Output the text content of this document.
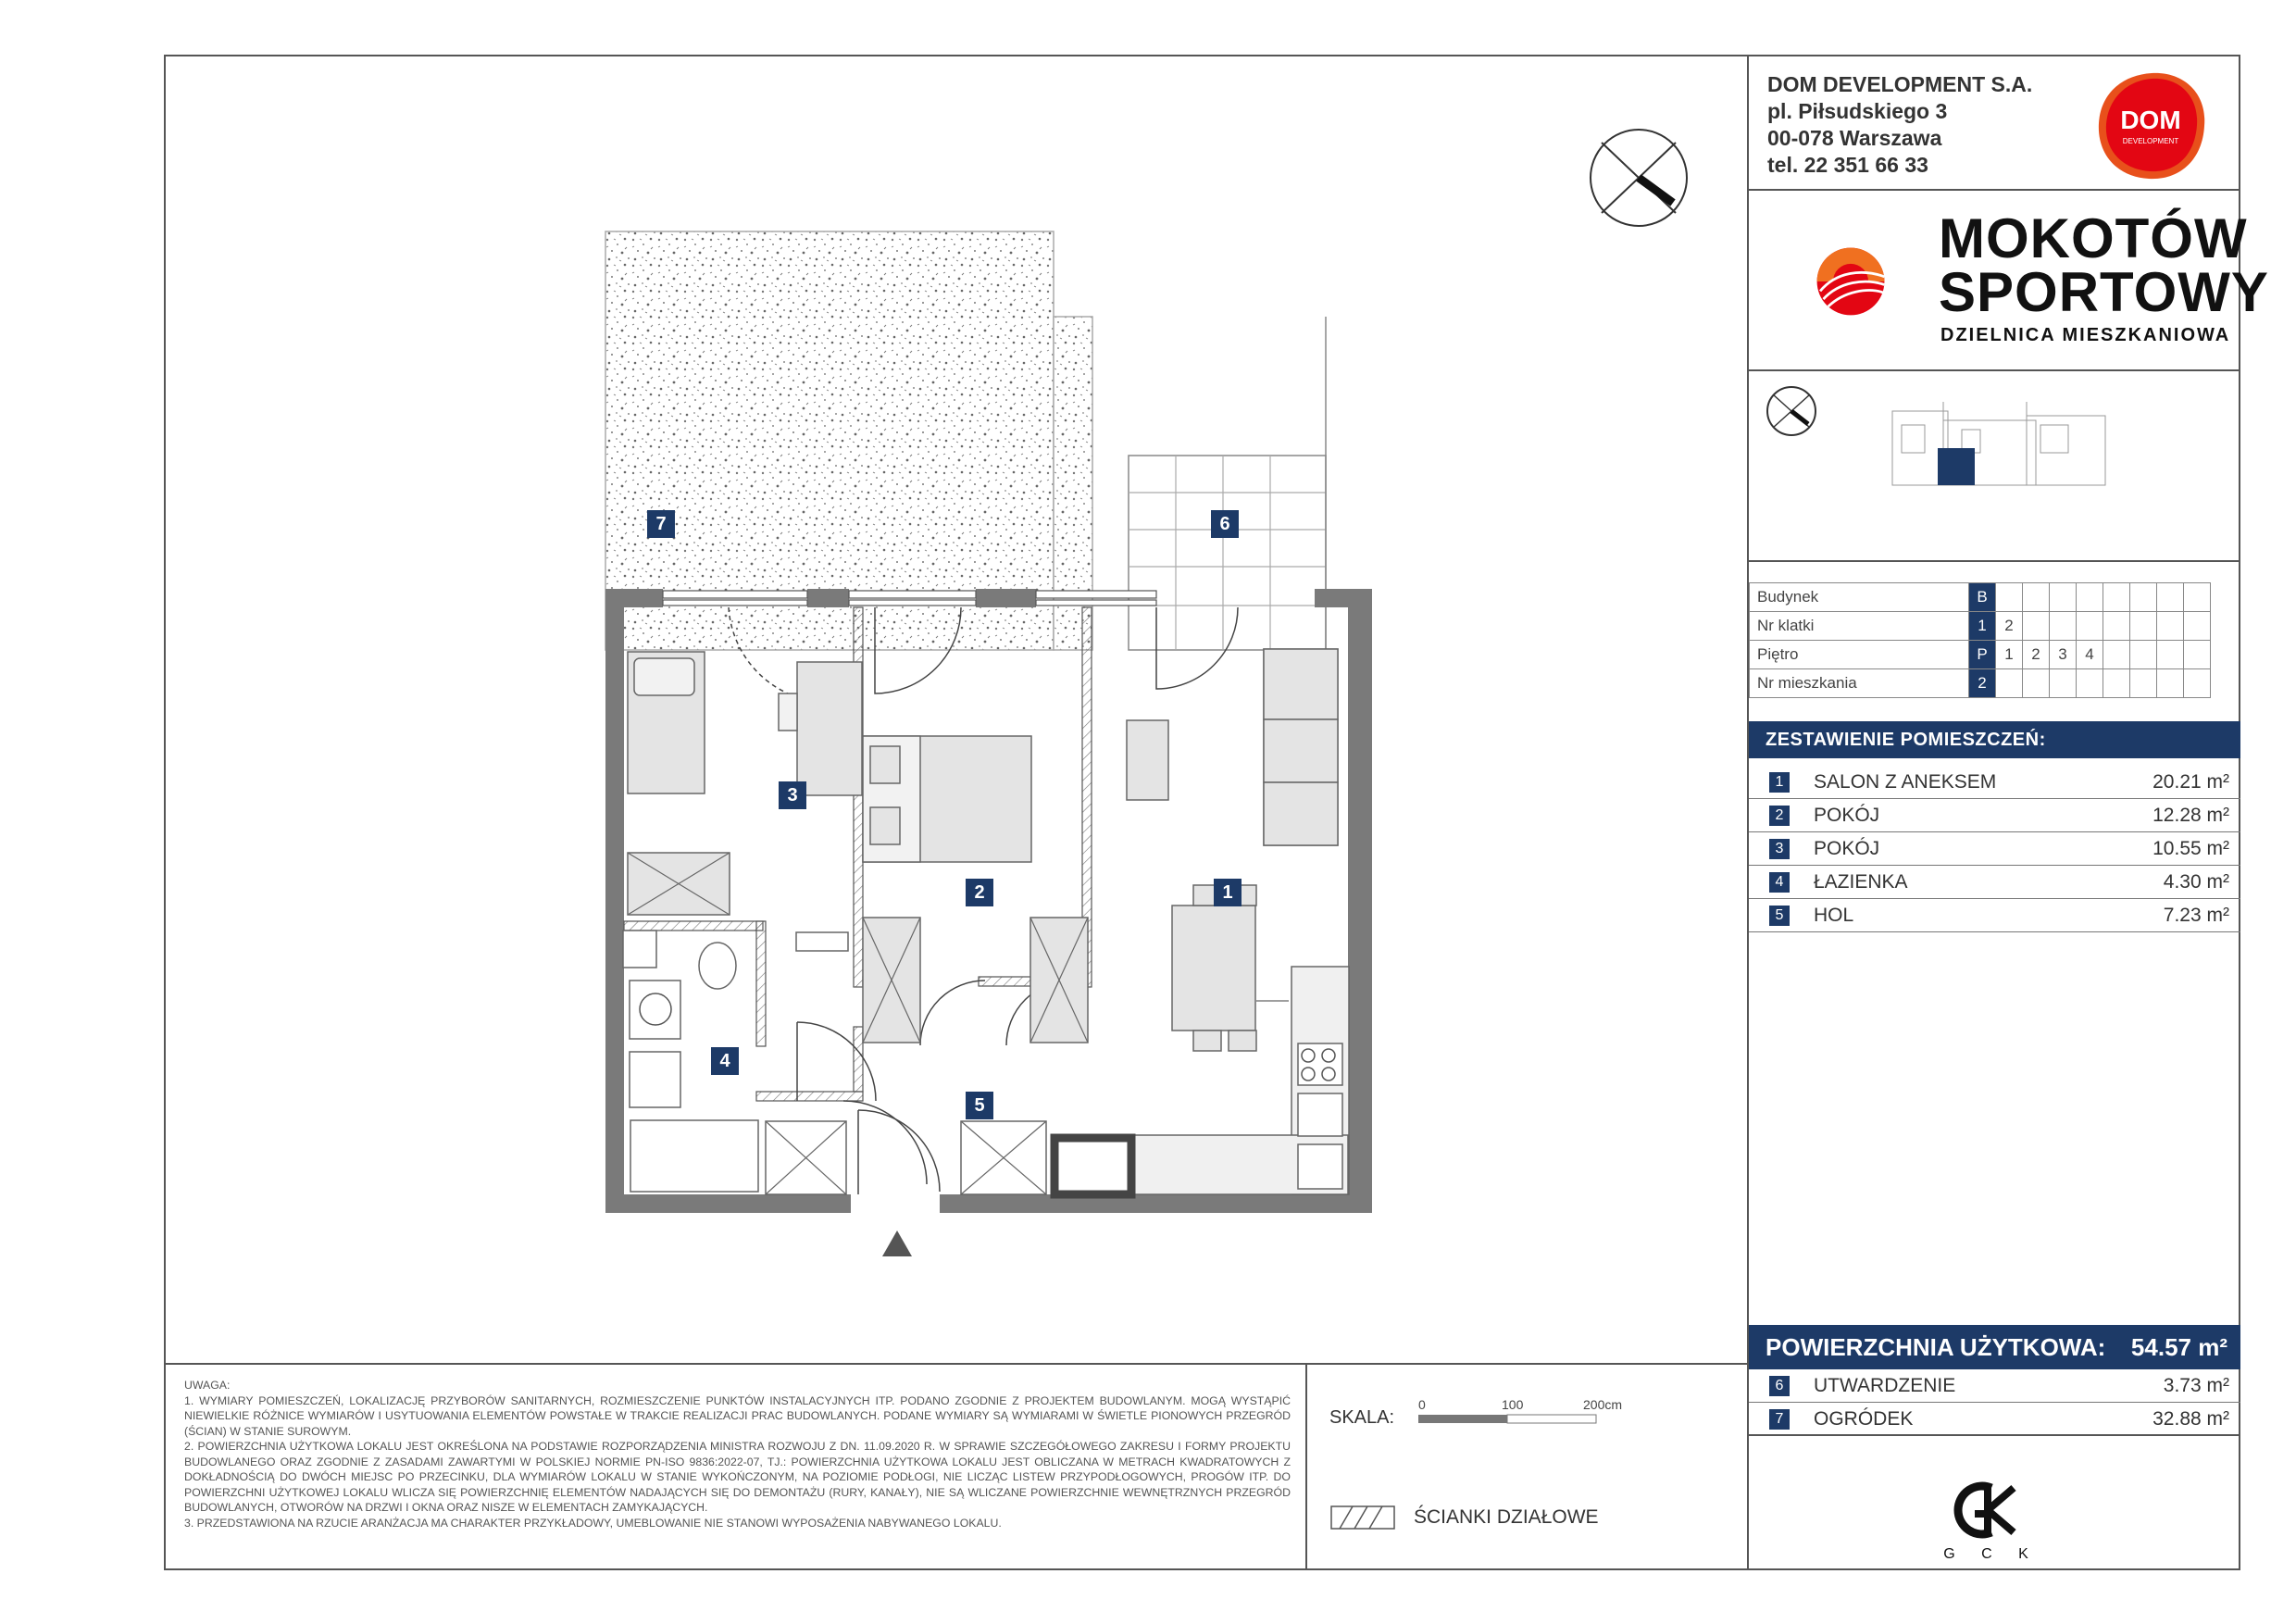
7	6
3
2	1
4
5
DOM DEVELOPMENT S.A.
pl. Piłsudskiego 3
00-078 Warszawa
tel. 22 351 66 33
DOM
DEVELOPMENT
MOKOTÓW
SPORTOWY
DZIELNICA MIESZKANIOWA
Budynek	B								
Nr klatki	1	2							
Piętro	P	1	2	3	4				
Nr mieszkania	2								
ZESTAWIENIE POMIESZCZEŃ:
1	SALON Z ANEKSEM	20.21 m²
2	POKÓJ	12.28 m²
3	POKÓJ	10.55 m²
4	ŁAZIENKA	4.30 m²
5	HOL	7.23 m²
POWIERZCHNIA UŻYTKOWA: 54.57 m²
6	UTWARDZENIE	3.73 m²
7	OGRÓDEK	32.88 m²
G C K
UWAGA:
1. WYMIARY POMIESZCZEŃ, LOKALIZACJĘ PRZYBORÓW SANITARNYCH, ROZMIESZCZENIE PUNKTÓW INSTALACYJNYCH ITP. PODANO ZGODNIE Z PROJEKTEM BUDOWLANYM. MOGĄ WYSTĄPIĆ NIEWIELKIE RÓŻNICE WYMIARÓW I USYTUOWANIA ELEMENTÓW POWSTAŁE W TRAKCIE REALIZACJI PRAC BUDOWLANYCH. PODANE WYMIARY SĄ WYMIARAMI W ŚWIETLE PIONOWYCH PRZEGRÓD (ŚCIAN) W STANIE SUROWYM.
2. POWIERZCHNIA UŻYTKOWA LOKALU JEST OKREŚLONA NA PODSTAWIE ROZPORZĄDZENIA MINISTRA ROZWOJU Z DN. 11.09.2020 R. W SPRAWIE SZCZEGÓŁOWEGO ZAKRESU I FORMY PROJEKTU BUDOWLANEGO ORAZ ZGODNIE Z ZASADAMI ZAWARTYMI W POLSKIEJ NORMIE PN-ISO 9836:2022-07, TJ.: POWIERZCHNIA UŻYTKOWA LOKALU JEST OBLICZANA W METRACH KWADRATOWYCH Z DOKŁADNOŚCIĄ DO DWÓCH MIEJSC PO PRZECINKU, DLA WYMIARÓW LOKALU W STANIE WYKOŃCZONYM, NA POZIOMIE PODŁOGI, NIE LICZĄC LISTEW PRZYPODŁOGOWYCH, PROGÓW ITP. DO POWIERZCHNI UŻYTKOWEJ LOKALU WLICZA SIĘ POWIERZCHNIĘ ELEMENTÓW NADAJĄCYCH SIĘ DO DEMONTAŻU (RURY, KANAŁY), NIE SĄ WLICZANE POWIERZCHNIE WEWNĘTRZNYCH PRZEGRÓD BUDOWLANYCH, OTWORÓW NA DRZWI I OKNA ORAZ NISZE W ELEMENTACH ZAMYKAJĄCYCH.
3. PRZEDSTAWIONA NA RZUCIE ARANŻACJA MA CHARAKTER PRZYKŁADOWY, UMEBLOWANIE NIE STANOWI WYPOSAŻENIA NABYWANEGO LOKALU.
SKALA:
0	100	200cm
ŚCIANKI DZIAŁOWE
